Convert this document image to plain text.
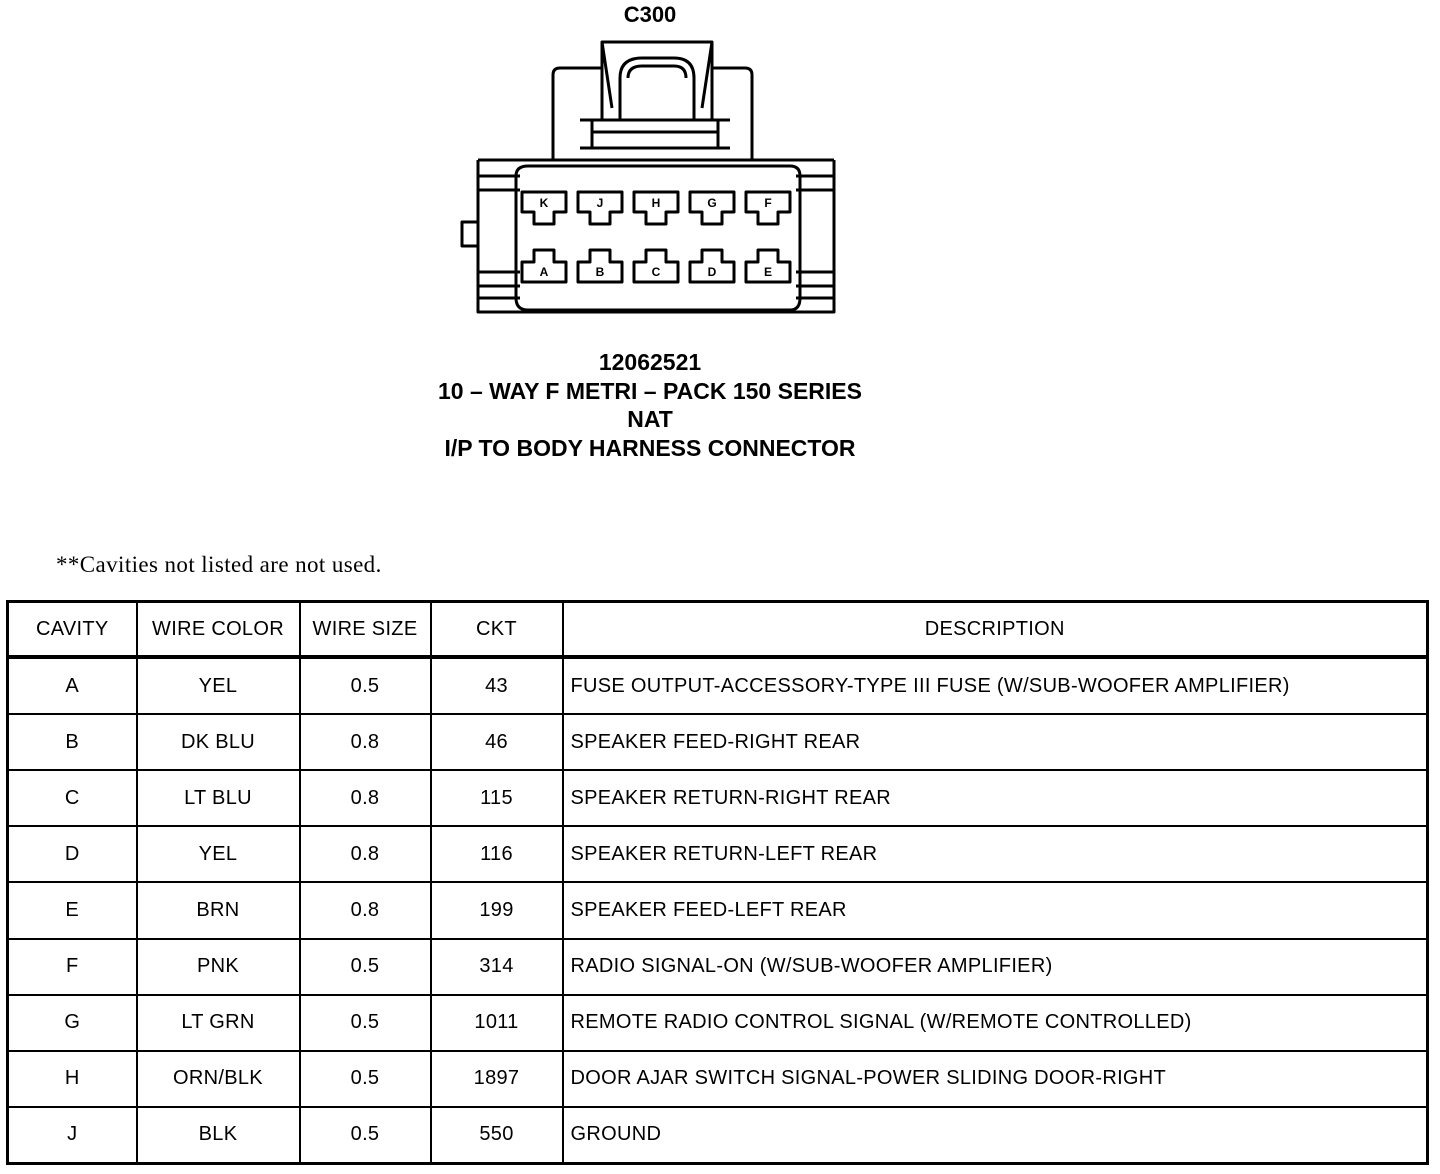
C300
K	J	H	G	F
A	B	C	D	E
12062521
10 – WAY F METRI – PACK 150 SERIES
NAT
I/P TO BODY HARNESS CONNECTOR
**Cavities not listed are not used.
CAVITY	WIRE COLOR	WIRE SIZE	CKT	DESCRIPTION
A	YEL	0.5	43	FUSE OUTPUT-ACCESSORY-TYPE III FUSE (W/SUB-WOOFER AMPLIFIER)
B	DK BLU	0.8	46	SPEAKER FEED-RIGHT REAR
C	LT BLU	0.8	115	SPEAKER RETURN-RIGHT REAR
D	YEL	0.8	116	SPEAKER RETURN-LEFT REAR
E	BRN	0.8	199	SPEAKER FEED-LEFT REAR
F	PNK	0.5	314	RADIO SIGNAL-ON (W/SUB-WOOFER AMPLIFIER)
G	LT GRN	0.5	1011	REMOTE RADIO CONTROL SIGNAL (W/REMOTE CONTROLLED)
H	ORN/BLK	0.5	1897	DOOR AJAR SWITCH SIGNAL-POWER SLIDING DOOR-RIGHT
J	BLK	0.5	550	GROUND
